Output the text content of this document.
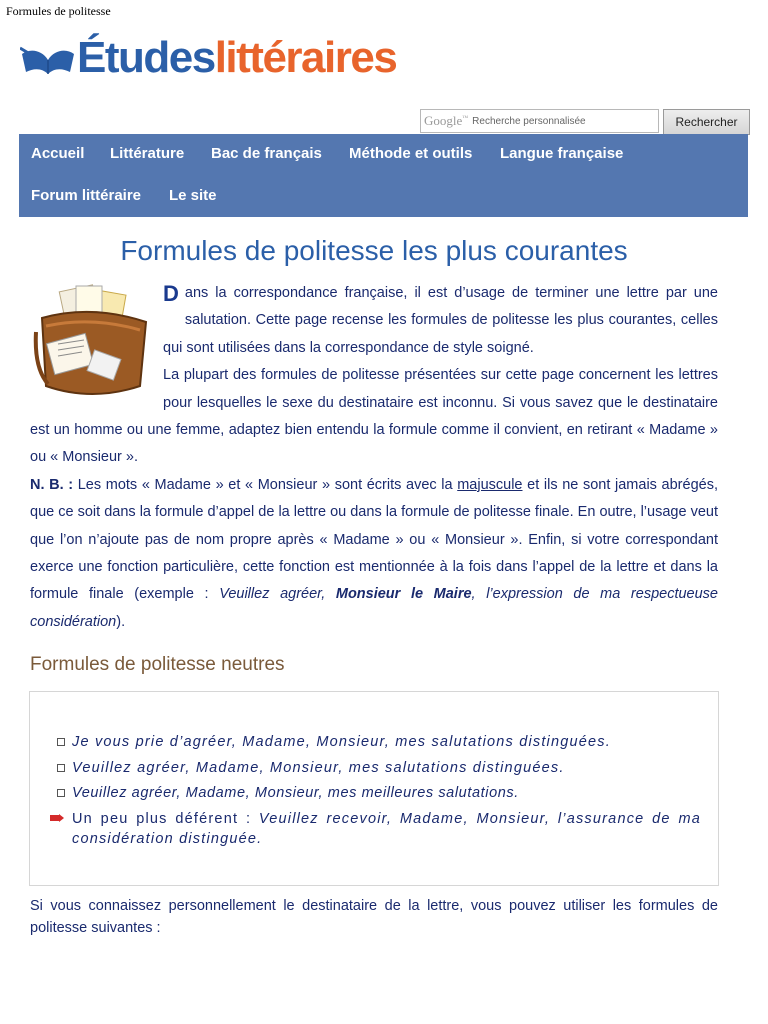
Formules de politesse
Études littéraires
Google™ Recherche personnalisée	Rechercher
Accueil Littérature Bac de français Méthode et outils Langue française
Forum littéraire Le site
Formules de politesse les plus courantes
D ans la correspondance française, il est d’usage de terminer une lettre par une salutation. Cette page recense les formules de politesse les plus courantes, celles qui sont utilisées dans la correspondance de style soigné.

La plupart des formules de politesse présentées sur cette page concernent les lettres pour lesquelles le sexe du destinataire est inconnu. Si vous savez que le destinataire est un homme ou une femme, adaptez bien entendu la formule comme il convient, en retirant « Madame » ou « Monsieur ».

N. B. : Les mots « Madame » et « Monsieur » sont écrits avec la majuscule et ils ne sont jamais abrégés, que ce soit dans la formule d’appel de la lettre ou dans la formule de politesse finale. En outre, l’usage veut que l’on n’ajoute pas de nom propre après « Madame » ou « Monsieur ». Enfin, si votre correspondant exerce une fonction particulière, cette fonction est mentionnée à la fois dans l’appel de la lettre et dans la formule finale (exemple : Veuillez agréer, Monsieur le Maire, l’expression de ma respectueuse considération).

Formules de politesse neutres
Je vous prie d’agréer, Madame, Monsieur, mes salutations distinguées.
Veuillez agréer, Madame, Monsieur, mes salutations distinguées.
Veuillez agréer, Madame, Monsieur, mes meilleures salutations.
Un peu plus déférent : Veuillez recevoir, Madame, Monsieur, l’assurance de ma considération distinguée.

Si vous connaissez personnellement le destinataire de la lettre, vous pouvez utiliser les formules de politesse suivantes :
